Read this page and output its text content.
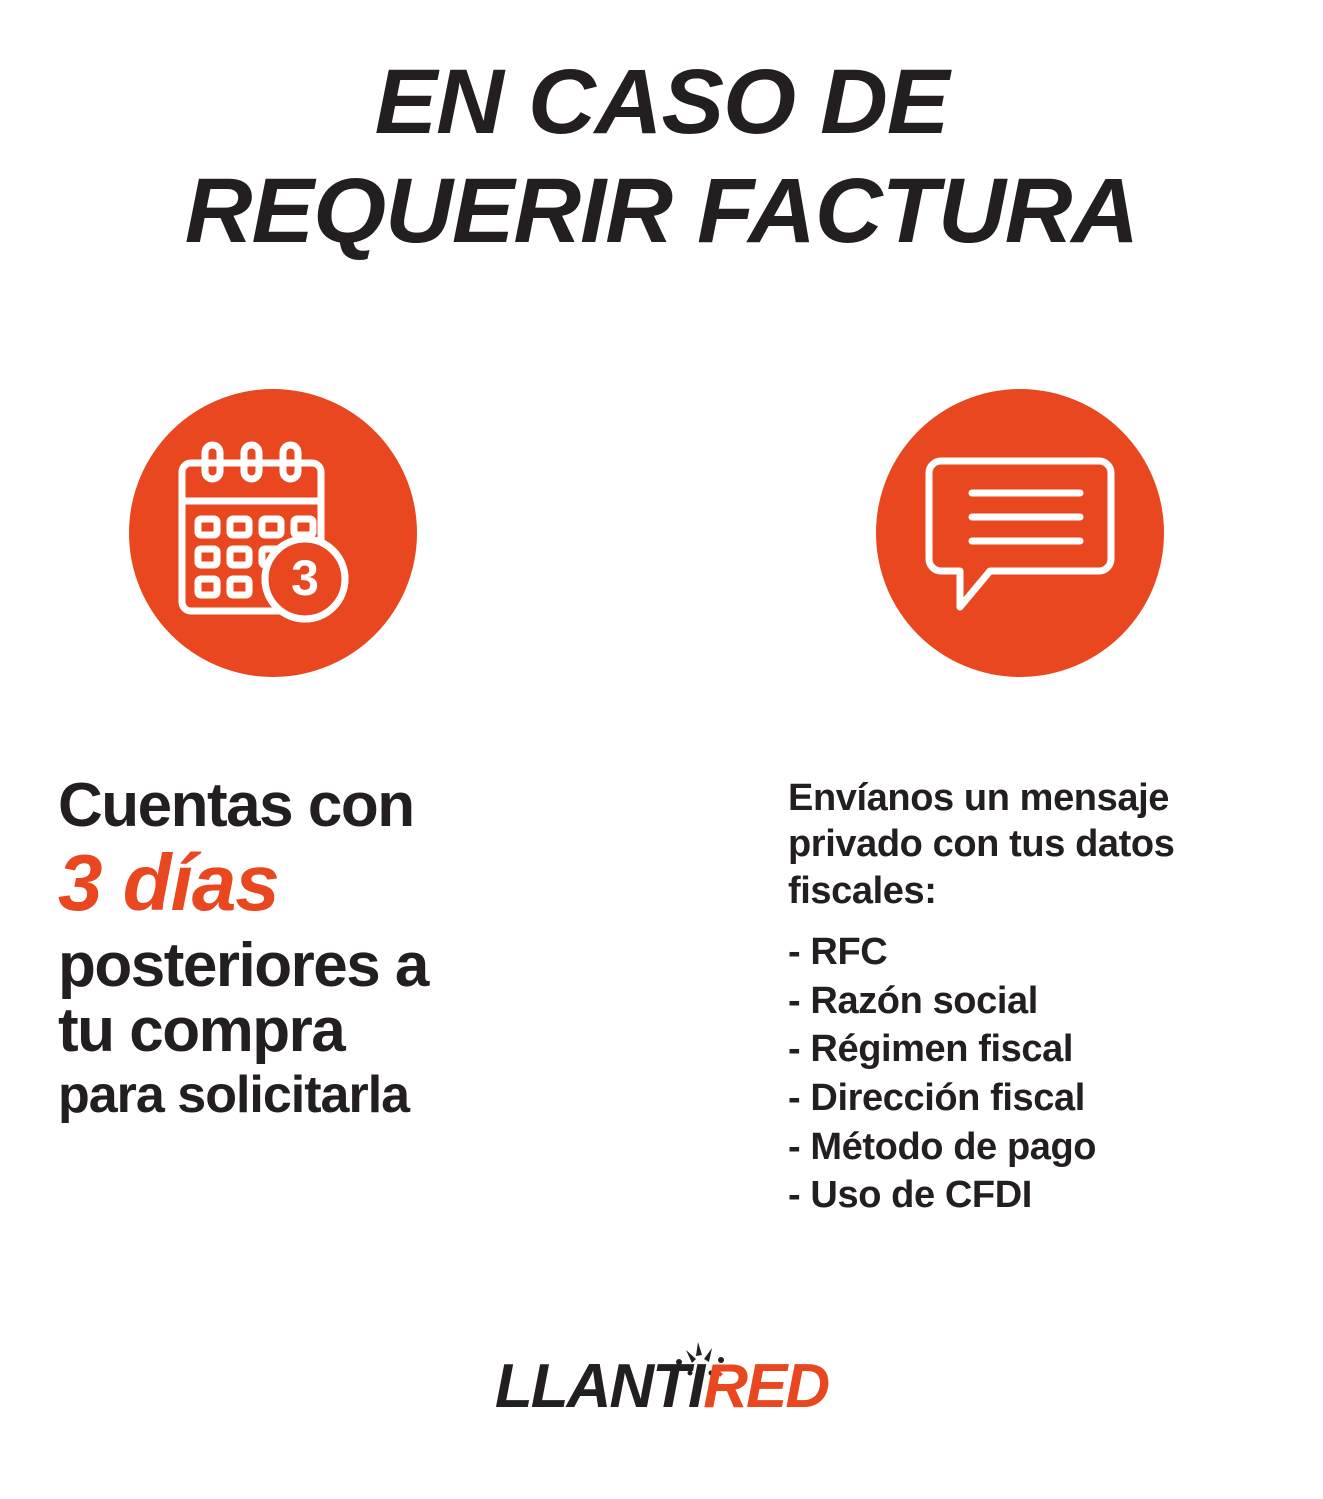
EN CASO DE
REQUERIR FACTURA
3
Cuentas con
3 días
posteriores a
tu compra
para solicitarla
Envíanos un mensaje privado con tus datos fiscales:
- RFC
- Razón social
- Régimen fiscal
- Dirección fiscal
- Método de pago
- Uso de CFDI
LLANTIRED
